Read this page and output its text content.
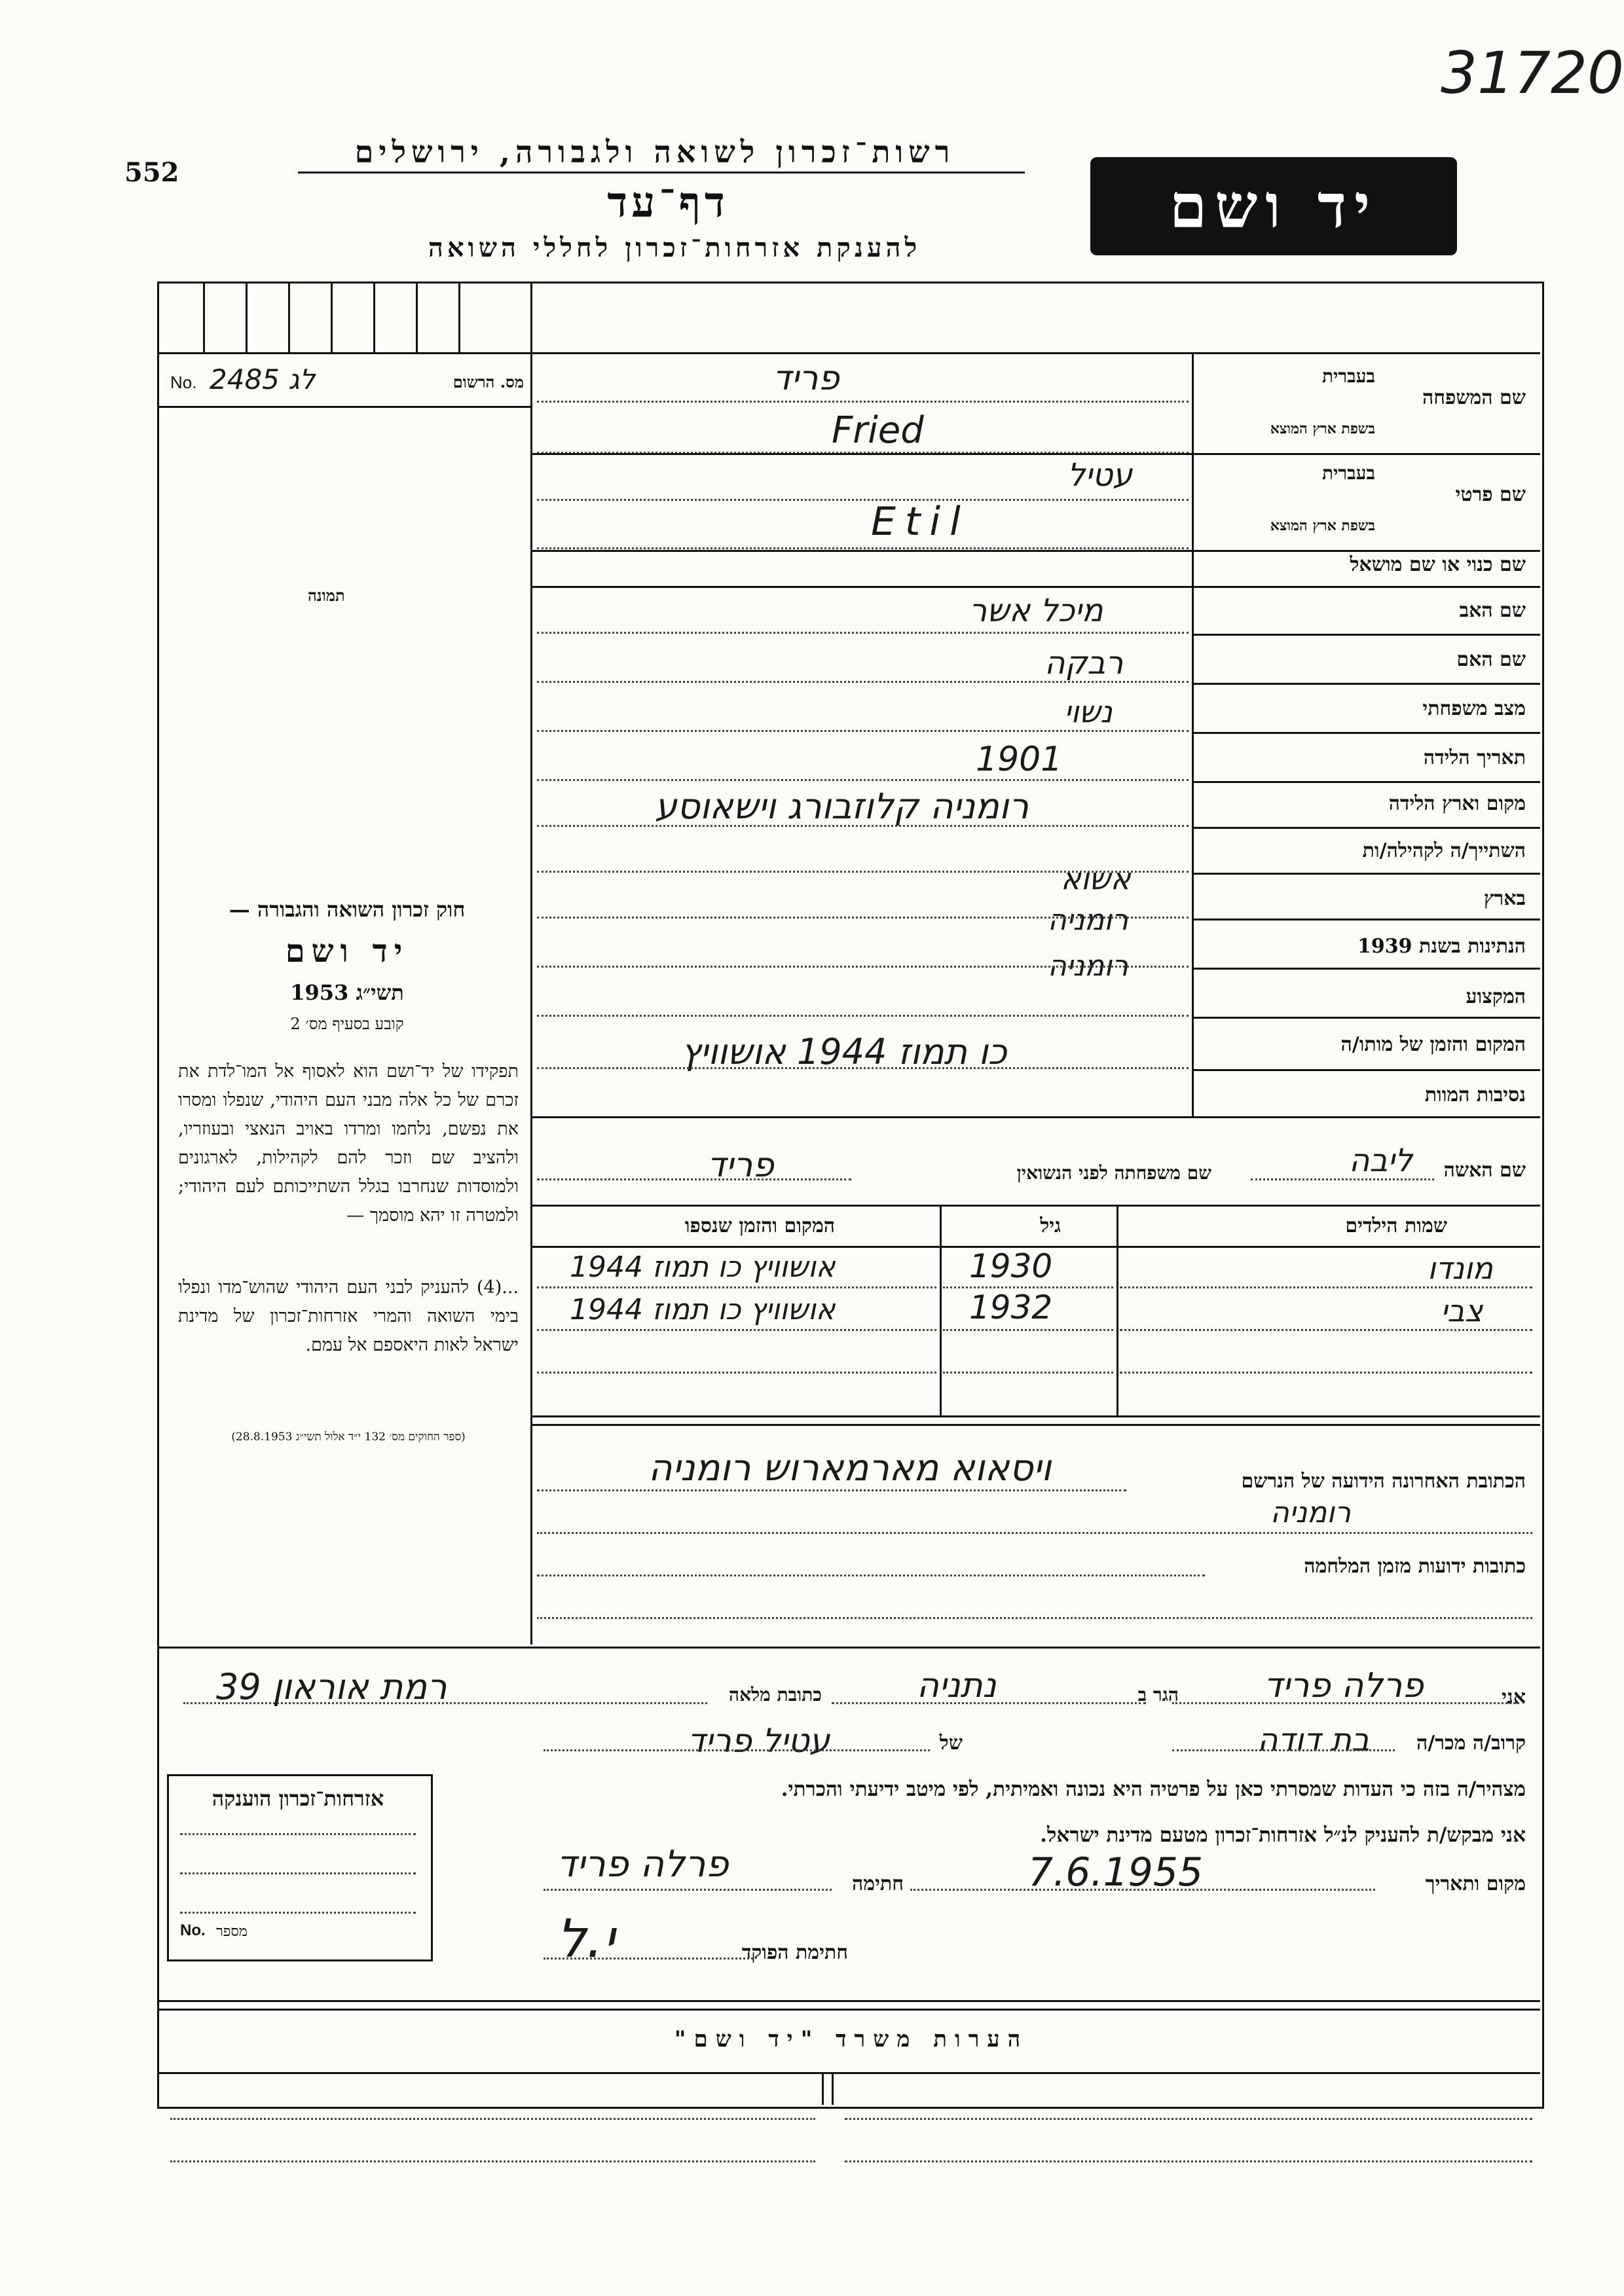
31720
552
רשות־זכרון לשואה ולגבורה, ירושלים
דף־עד
להענקת אזרחות־זכרון לחללי השואה
יד ושם
No. 2485 לג	מס. הרשום
תמונה
חוק זכרון השואה והגבורה —
יד ושם
תשי״ג 1953
קובע בסעיף מס׳ 2
תפקידו של יד־ושם הוא לאסוף אל המו־לדת את זכרם של כל אלה מבני העם היהודי, שנפלו ומסרו את נפשם, נלחמו ומרדו באויב הנאצי ובעוזריו, ולהציב שם וזכר להם לקהילות, לארגונים ולמוסדות שנחרבו בגלל השתייכותם לעם היהודי; ולמטרה זו יהא מוסמך —
...(4) להעניק לבני העם היהודי שהוש־מדו ונפלו בימי השואה והמרי אזרחות־זכרון של מדינת ישראל לאות היאספם אל עמם.
(ספר החוקים מס׳ 132 י״ד אלול תשי״ג 28.8.1953)
שם המשפחה
בעברית
בשפת ארץ המוצא
פריד
Fried
שם פרטי
בעברית
בשפת ארץ המוצא
עטיל
Etil
שם כנוי או שם מושאל
שם האב
מיכל אשר
שם האם
רבקה
מצב משפחתי
נשוי
תאריך הלידה
1901
מקום וארץ הלידה
רומניה קלוזבורג וישאוסע
השתייך/ה לקהילה/ות
אשוא
בארץ
רומניה
הנתינות בשנת 1939
רומניה
המקצוע
המקום והזמן של מותו/ה
כו תמוז 1944 אושוויץ
נסיבות המוות
שם האשה
ליבה
שם משפחתה לפני הנשואין
פריד
שמות הילדים
גיל
המקום והזמן שנספו
מונדו
1930
אושוויץ כו תמוז 1944
צבי
1932
אושוויץ כו תמוז 1944
הכתובת האחרונה הידועה של הנרשם
ויסאוא מארמארוש רומניה
רומניה
כתובות ידועות מזמן המלחמה
אני
פרלה פריד
הגר ב
נתניה
כתובת מלאה
רמת אוראון 39
קרוב/ה מכר/ה
בת דודה
של
עטיל פריד
מצהיר/ה בזה כי העדות שמסרתי כאן על פרטיה היא נכונה ואמיתית, לפי מיטב ידיעתי והכרתי.
אני מבקש/ת להעניק לנ״ל אזרחות־זכרון מטעם מדינת ישראל.
מקום ותאריך
7.6.1955
חתימה
פרלה פריד
חתימת הפוקד
י.ל
אזרחות־זכרון הוענקה
No. מספר
הערות משרד "יד ושם"
